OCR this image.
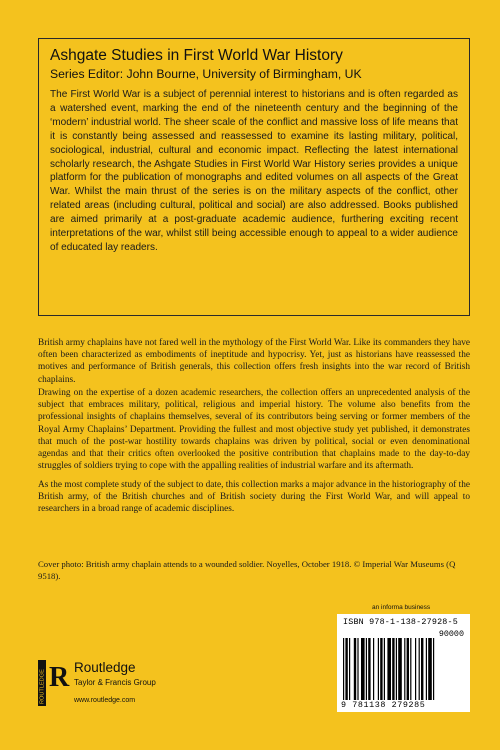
Ashgate Studies in First World War History
Series Editor: John Bourne, University of Birmingham, UK

The First World War is a subject of perennial interest to historians and is often regarded as a watershed event, marking the end of the nineteenth century and the beginning of the ‘modern’ industrial world. The sheer scale of the conflict and massive loss of life means that it is constantly being assessed and reassessed to examine its lasting military, political, sociological, industrial, cultural and economic impact. Reflecting the latest international scholarly research, the Ashgate Studies in First World War History series provides a unique platform for the publication of monographs and edited volumes on all aspects of the Great War. Whilst the main thrust of the series is on the military aspects of the conflict, other related areas (including cultural, political and social) are also addressed. Books published are aimed primarily at a post-graduate academic audience, furthering exciting recent interpretations of the war, whilst still being accessible enough to appeal to a wider audience of educated lay readers.

British army chaplains have not fared well in the mythology of the First World War. Like its commanders they have often been characterized as embodiments of ineptitude and hypocrisy. Yet, just as historians have reassessed the motives and performance of British generals, this collection offers fresh insights into the war record of British chaplains.

Drawing on the expertise of a dozen academic researchers, the collection offers an unprecedented analysis of the subject that embraces military, political, religious and imperial history. The volume also benefits from the professional insights of chaplains themselves, several of its contributors being serving or former members of the Royal Army Chaplains’ Department. Providing the fullest and most objective study yet published, it demonstrates that much of the post-war hostility towards chaplains was driven by political, social or even denominational agendas and that their critics often overlooked the positive contribution that chaplains made to the day-to-day struggles of soldiers trying to cope with the appalling realities of industrial warfare and its aftermath.

As the most complete study of the subject to date, this collection marks a major advance in the historiography of the British army, of the British churches and of British society during the First World War, and will appeal to researchers in a broad range of academic disciplines.

Cover photo: British army chaplain attends to a wounded soldier. Noyelles, October 1918. © Imperial War Museums (Q 9518).

an informa business
ISBN 978-1-138-27928-5
90000
9 781138 279285
ROUTLEDGE R Routledge
Taylor & Francis Group
www.routledge.com
